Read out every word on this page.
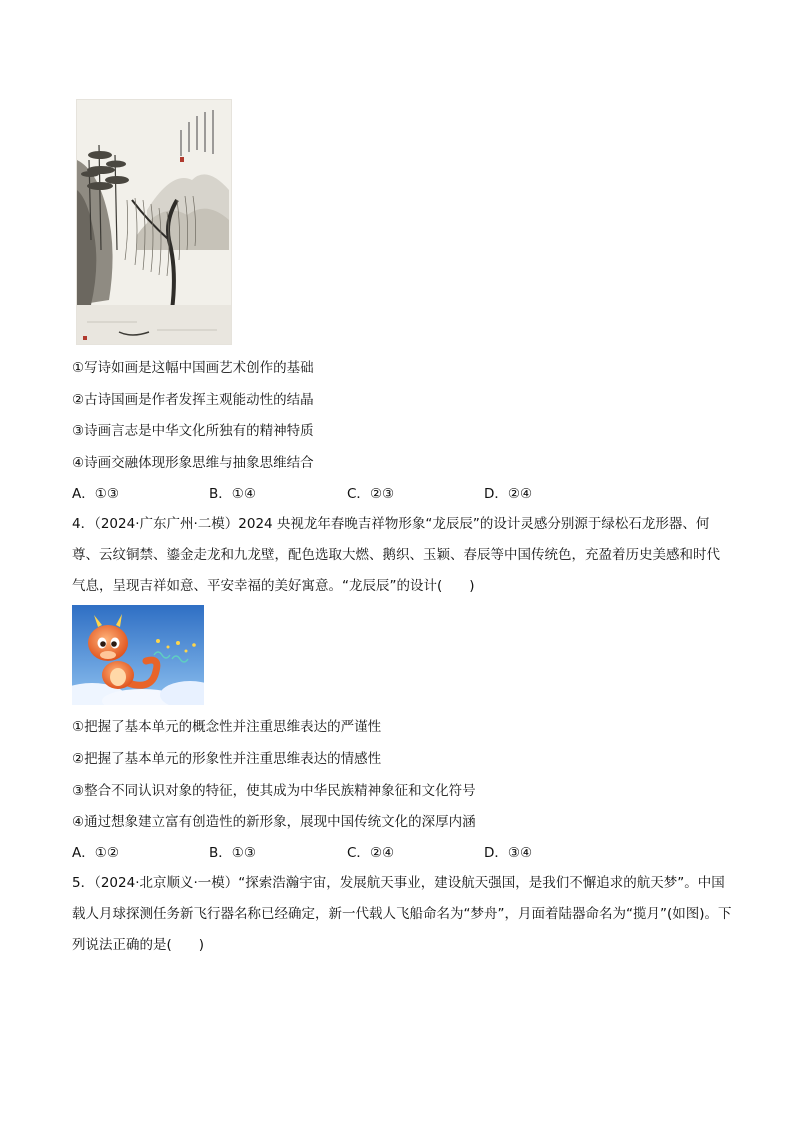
①写诗如画是这幅中国画艺术创作的基础
②古诗国画是作者发挥主观能动性的结晶
③诗画言志是中华文化所独有的精神特质
④诗画交融体现形象思维与抽象思维结合
A．①③	B．①④	C．②③	D．②④
4．（2024·广东广州·二模）2024 央视龙年春晚吉祥物形象“龙辰辰”的设计灵感分别源于绿松石龙形器、何尊、云纹铜禁、鎏金走龙和九龙壁，配色选取大燃、鹅织、玉颖、春辰等中国传统色，充盈着历史美感和时代气息，呈现吉祥如意、平安幸福的美好寓意。“龙辰辰”的设计(　　)
①把握了基本单元的概念性并注重思维表达的严谨性
②把握了基本单元的形象性并注重思维表达的情感性
③整合不同认识对象的特征，使其成为中华民族精神象征和文化符号
④通过想象建立富有创造性的新形象，展现中国传统文化的深厚内涵
A．①②	B．①③	C．②④	D．③④
5．（2024·北京顺义·一模）“探索浩瀚宇宙，发展航天事业，建设航天强国，是我们不懈追求的航天梦”。中国载人月球探测任务新飞行器名称已经确定，新一代载人飞船命名为“梦舟”，月面着陆器命名为“揽月”(如图)。下列说法正确的是(　　)
